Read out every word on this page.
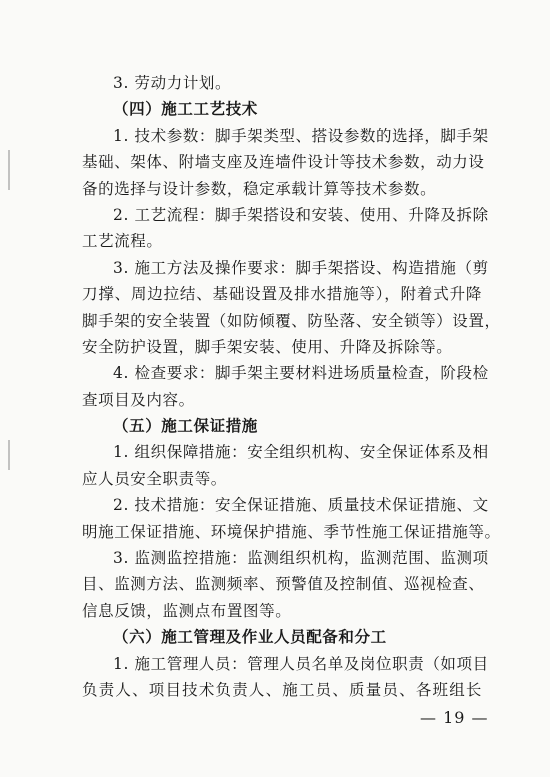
3. 劳动力计划。
（四）施工工艺技术
1. 技术参数：脚手架类型、搭设参数的选择，脚手架
基础、架体、附墙支座及连墙件设计等技术参数，动力设
备的选择与设计参数，稳定承载计算等技术参数。
2. 工艺流程：脚手架搭设和安装、使用、升降及拆除
工艺流程。
3. 施工方法及操作要求：脚手架搭设、构造措施（剪
刀撑、周边拉结、基础设置及排水措施等），附着式升降
脚手架的安全装置（如防倾覆、防坠落、安全锁等）设置，
安全防护设置，脚手架安装、使用、升降及拆除等。
4. 检查要求：脚手架主要材料进场质量检查，阶段检
查项目及内容。
（五）施工保证措施
1. 组织保障措施：安全组织机构、安全保证体系及相
应人员安全职责等。
2. 技术措施：安全保证措施、质量技术保证措施、文
明施工保证措施、环境保护措施、季节性施工保证措施等。
3. 监测监控措施：监测组织机构，监测范围、监测项
目、监测方法、监测频率、预警值及控制值、巡视检查、
信息反馈，监测点布置图等。
（六）施工管理及作业人员配备和分工
1. 施工管理人员：管理人员名单及岗位职责（如项目
负责人、项目技术负责人、施工员、质量员、各班组长
— 19 —
